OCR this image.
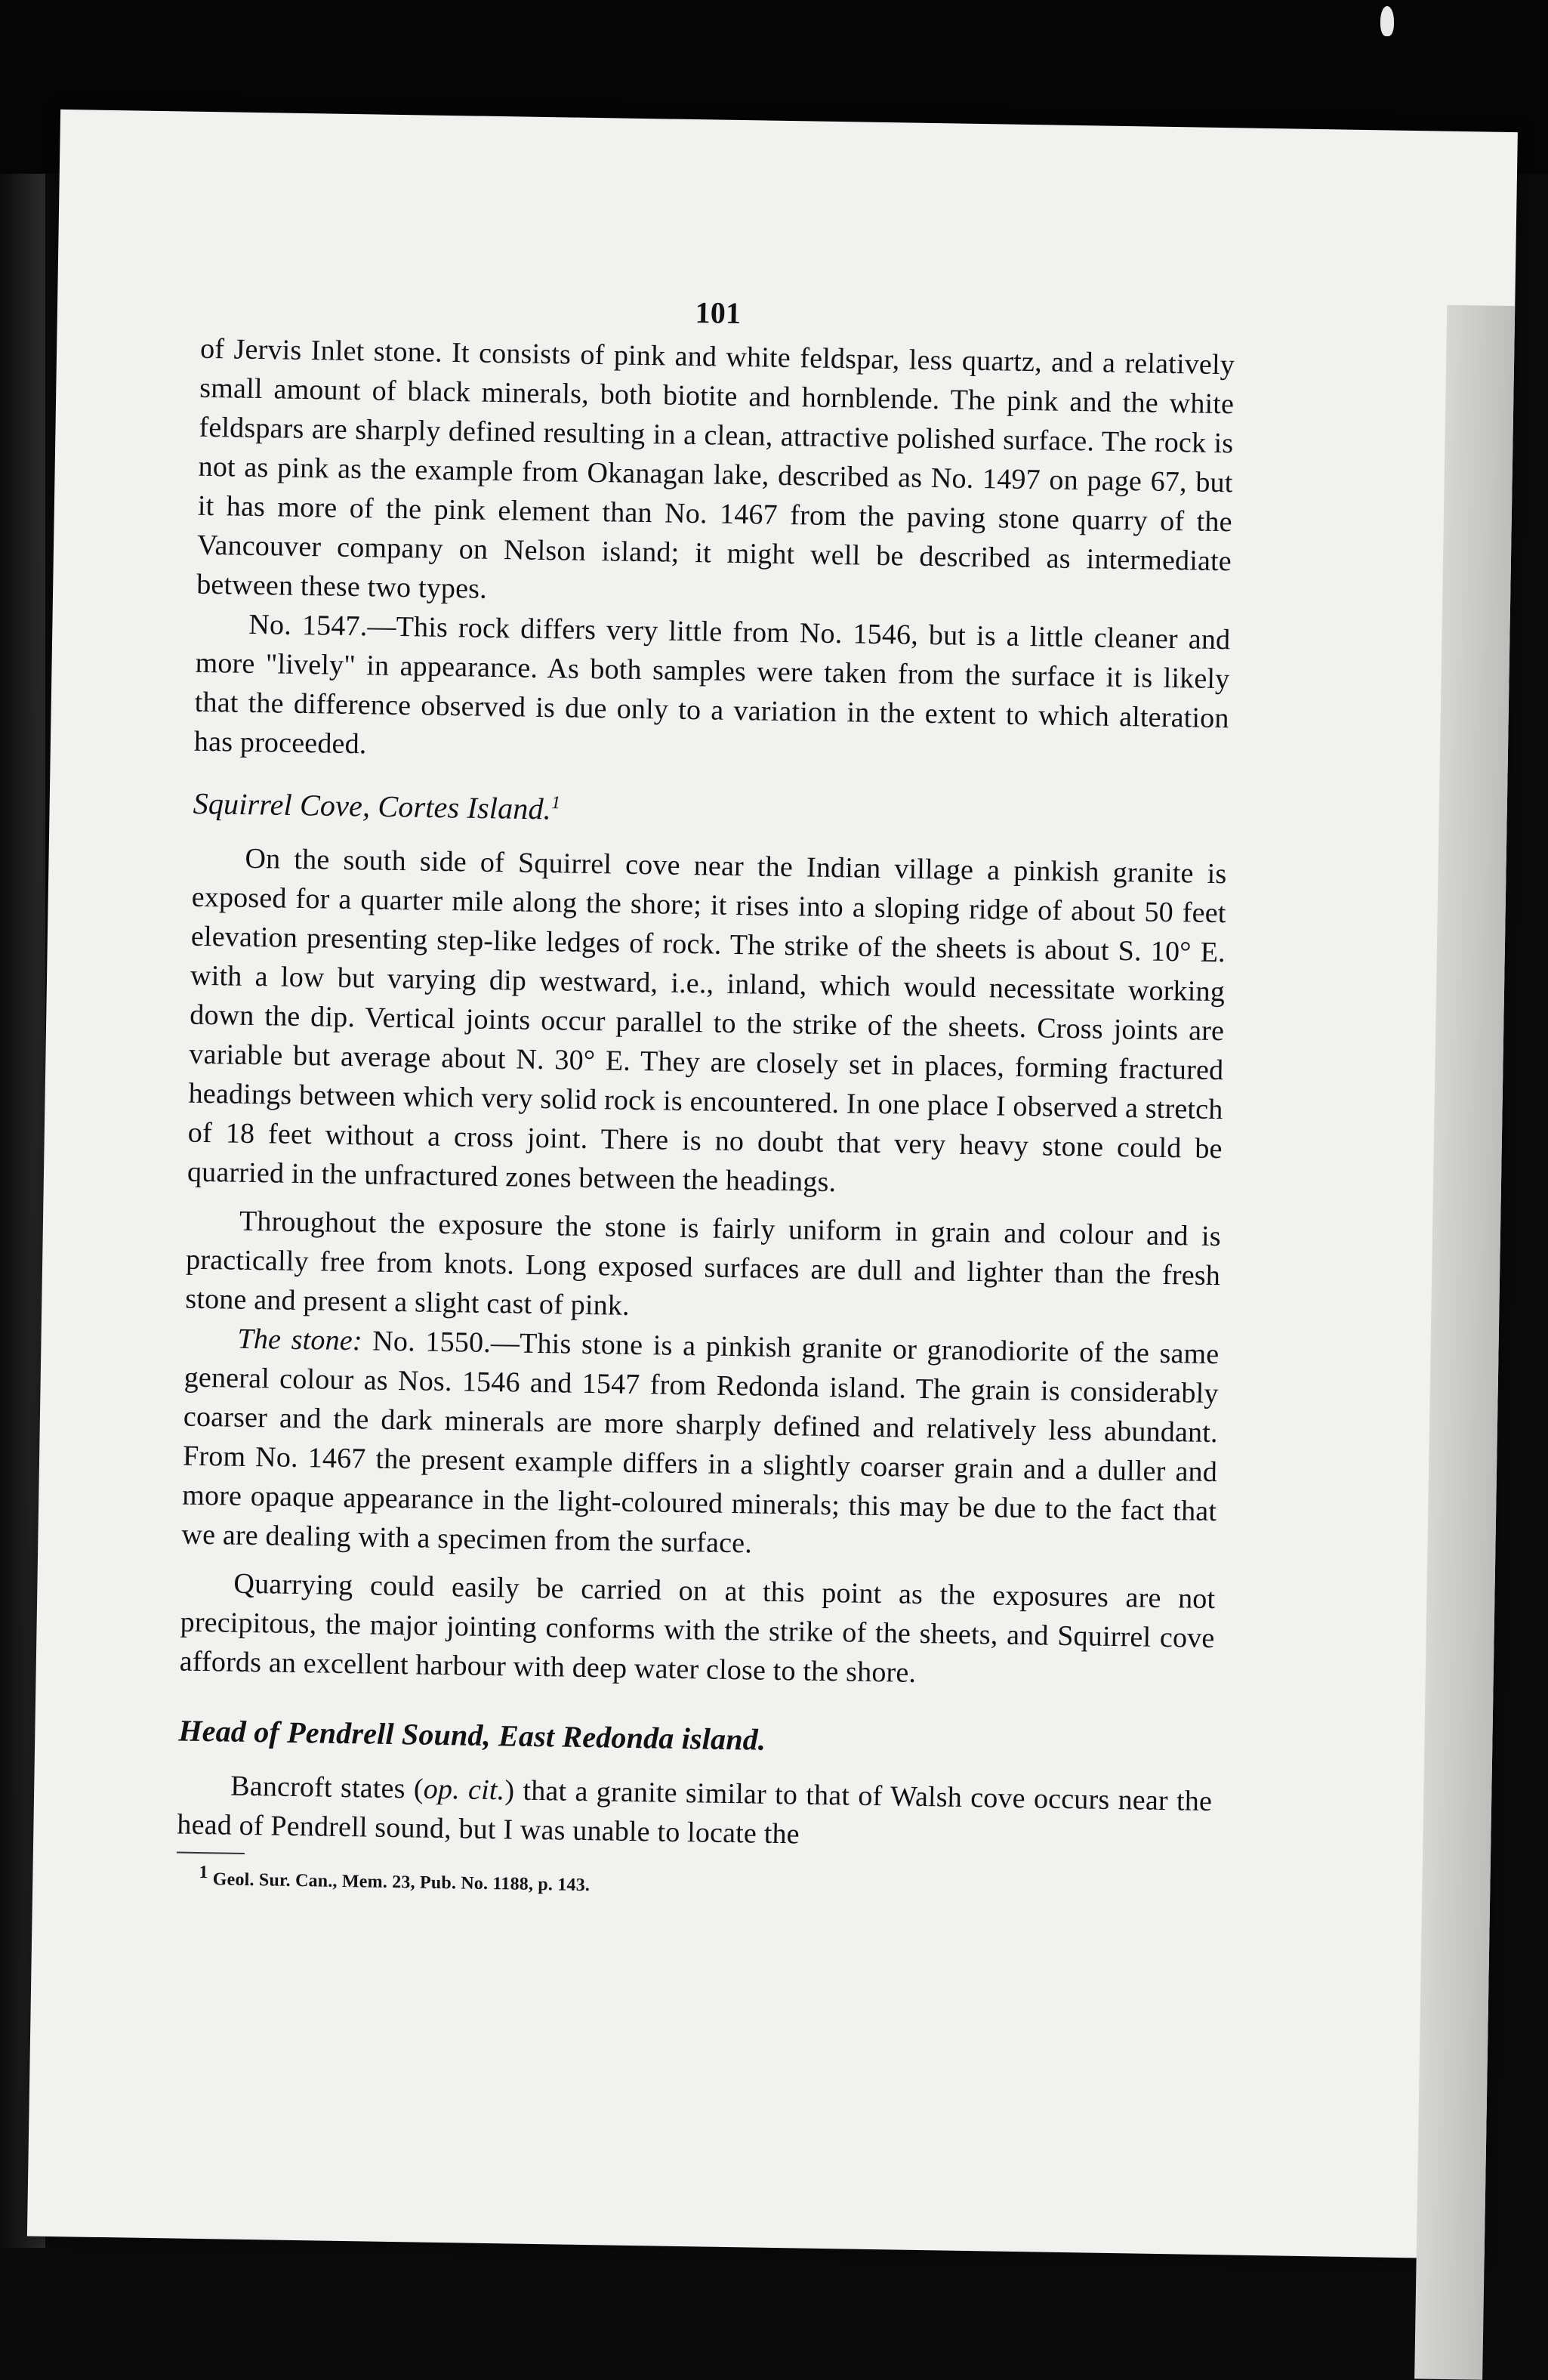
101

of Jervis Inlet stone. It consists of pink and white feldspar, less quartz, and a relatively small amount of black minerals, both biotite and hornblende. The pink and the white feldspars are sharply defined resulting in a clean, attractive polished surface. The rock is not as pink as the example from Okanagan lake, described as No. 1497 on page 67, but it has more of the pink element than No. 1467 from the paving stone quarry of the Vancouver company on Nelson island; it might well be described as intermediate between these two types.

No. 1547.—This rock differs very little from No. 1546, but is a little cleaner and more "lively" in appearance. As both samples were taken from the surface it is likely that the difference observed is due only to a variation in the extent to which alteration has proceeded.

Squirrel Cove, Cortes Island.$^1$

On the south side of Squirrel cove near the Indian village a pinkish granite is exposed for a quarter mile along the shore; it rises into a sloping ridge of about 50 feet elevation presenting step-like ledges of rock. The strike of the sheets is about S. 10° E. with a low but varying dip westward, i.e., inland, which would necessitate working down the dip. Vertical joints occur parallel to the strike of the sheets. Cross joints are variable but average about N. 30° E. They are closely set in places, forming fractured headings between which very solid rock is encountered. In one place I observed a stretch of 18 feet without a cross joint. There is no doubt that very heavy stone could be quarried in the unfractured zones between the headings.

Throughout the exposure the stone is fairly uniform in grain and colour and is practically free from knots. Long exposed surfaces are dull and lighter than the fresh stone and present a slight cast of pink.

The stone: No. 1550.—This stone is a pinkish granite or granodiorite of the same general colour as Nos. 1546 and 1547 from Redonda island. The grain is considerably coarser and the dark minerals are more sharply defined and relatively less abundant. From No. 1467 the present example differs in a slightly coarser grain and a duller and more opaque appearance in the light-coloured minerals; this may be due to the fact that we are dealing with a specimen from the surface.

Quarrying could easily be carried on at this point as the exposures are not precipitous, the major jointing conforms with the strike of the sheets, and Squirrel cove affords an excellent harbour with deep water close to the shore.

Head of Pendrell Sound, East Redonda island.

Bancroft states (op. cit.) that a granite similar to that of Walsh cove occurs near the head of Pendrell sound, but I was unable to locate the

$^1$ Geol. Sur. Can., Mem. 23, Pub. No. 1188, p. 143.
